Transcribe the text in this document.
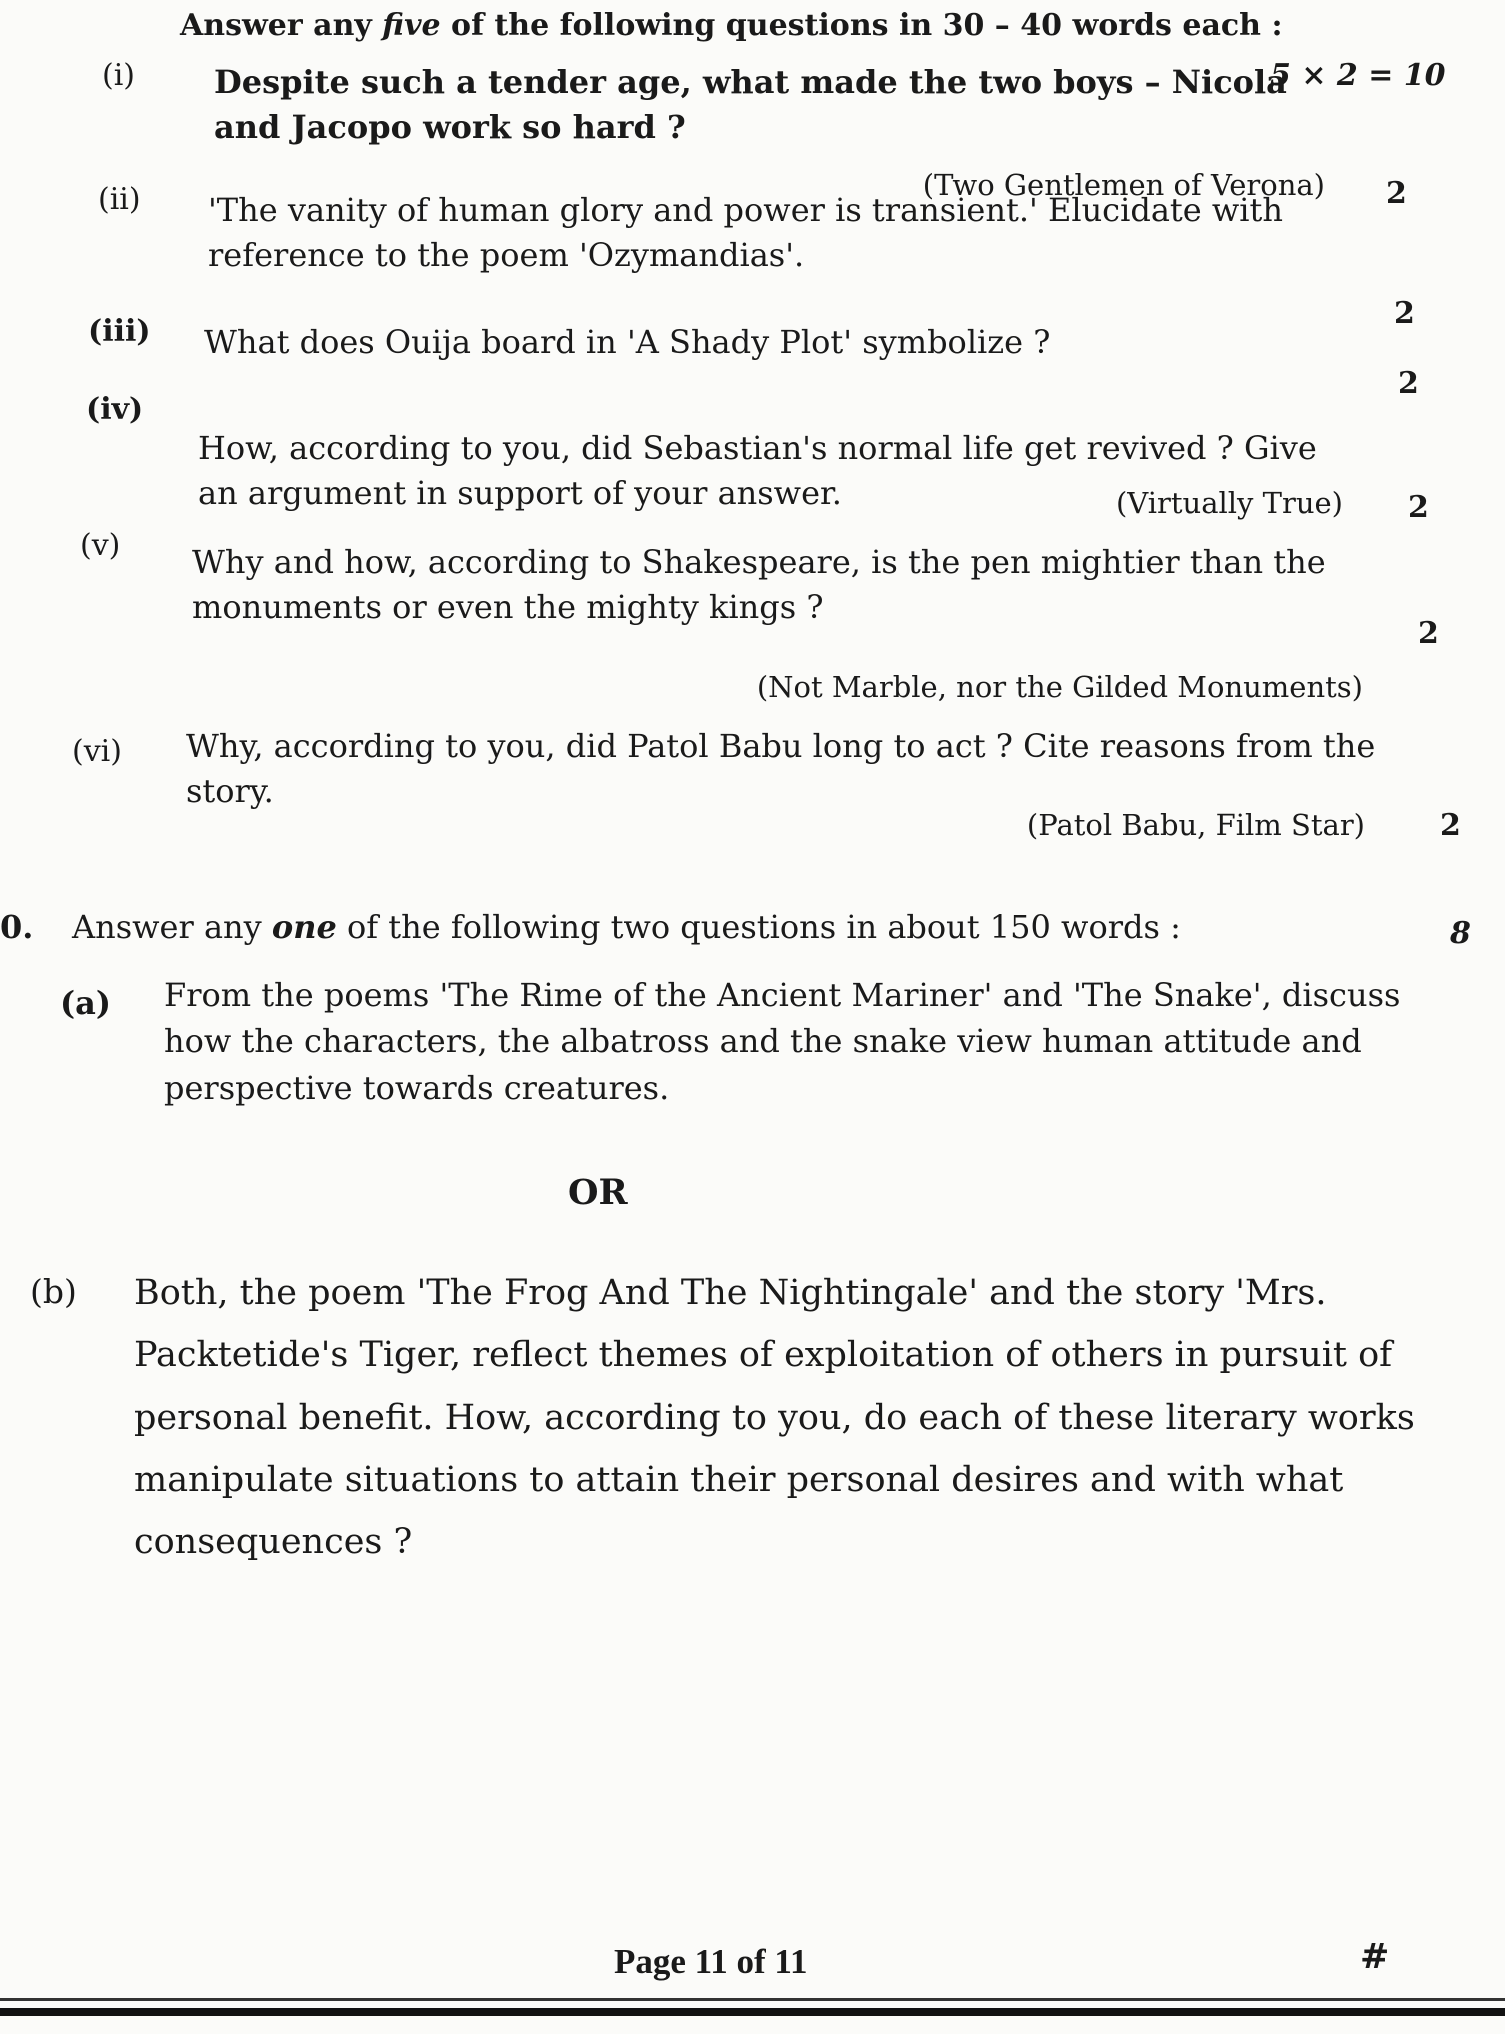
Answer any five of the following questions in 30 – 40 words each :
5 × 2 = 10
(i) Despite such a tender age, what made the two boys – Nicola and Jacopo work so hard ?
(Two Gentlemen of Verona) 2
(ii) 'The vanity of human glory and power is transient.' Elucidate with reference to the poem 'Ozymandias'.
2
(iii) What does Ouija board in 'A Shady Plot' symbolize ?
2
(iv)
How, according to you, did Sebastian's normal life get revived ? Give an argument in support of your answer.	(Virtually True) 2
(v) Why and how, according to Shakespeare, is the pen mightier than the monuments or even the mighty kings ?
2
(Not Marble, nor the Gilded Monuments)
(vi) Why, according to you, did Patol Babu long to act ? Cite reasons from the story.
(Patol Babu, Film Star)	2
0. Answer any one of the following two questions in about 150 words :	8
(a) From the poems 'The Rime of the Ancient Mariner' and 'The Snake', discuss how the characters, the albatross and the snake view human attitude and perspective towards creatures.
OR
(b) Both, the poem 'The Frog And The Nightingale' and the story 'Mrs. Packtetide's Tiger, reflect themes of exploitation of others in pursuit of personal benefit. How, according to you, do each of these literary works manipulate situations to attain their personal desires and with what consequences ?
Page 11 of 11	#
